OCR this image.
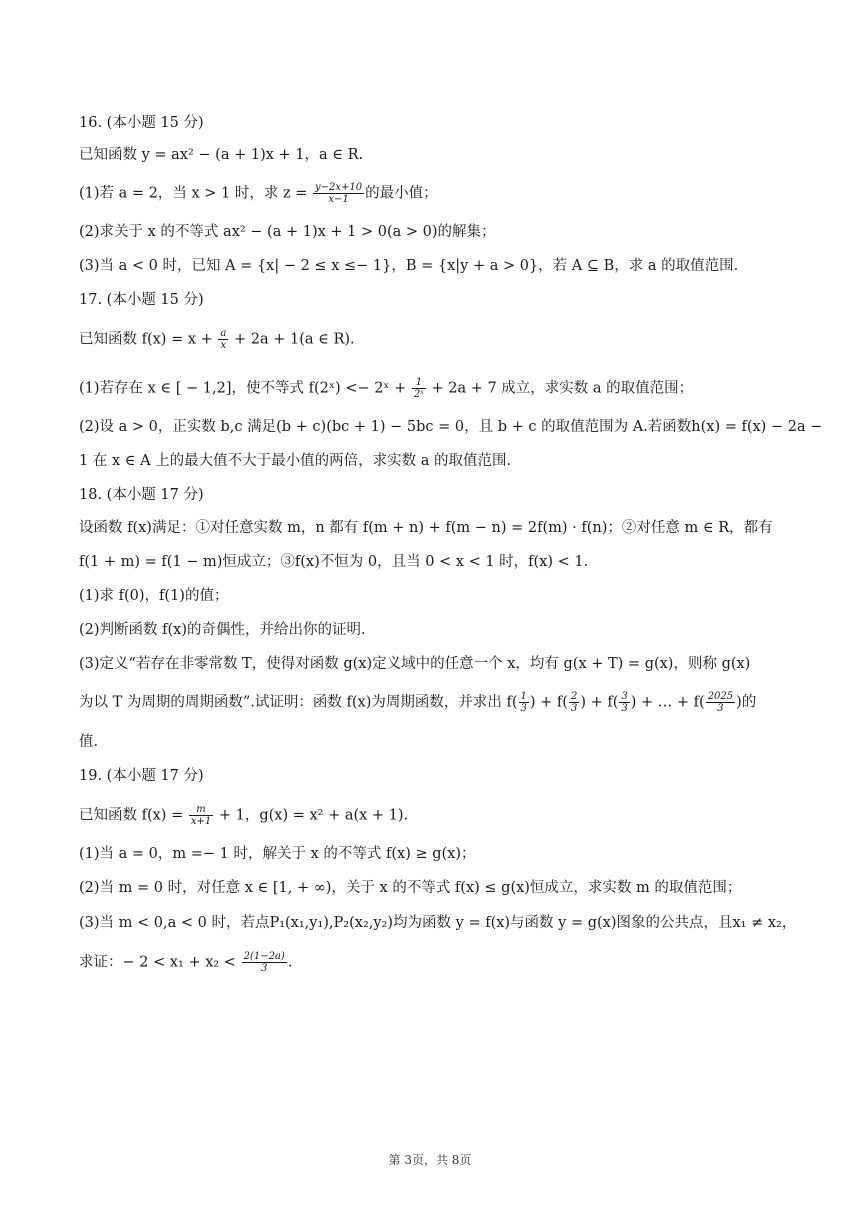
16. (本小题 15 分)
已知函数 y = ax² − (a + 1)x + 1，a ∈ R.
(1)若 a = 2，当 x > 1 时，求 $z = \frac{y-2x+10}{x-1}$ 的最小值；
(2)求关于 x 的不等式 ax² − (a + 1)x + 1 > 0(a > 0)的解集；
(3)当 a < 0 时，已知 A = {x| − 2 ≤ x ≤− 1}，B = {x|y + a > 0}，若 A ⊆ B，求 a 的取值范围.
17. (本小题 15 分)
已知函数 $f(x) = x + \frac{a}{x} + 2a + 1(a$ ∈ R).
(1)若存在 x ∈ [ − 1,2]，使不等式 f(2ˣ) <− 2ˣ + $\frac{1}{\text{2ˣ}} + 2a + 7$ 成立，求实数 a 的取值范围；
(2)设 a > 0，正实数 b,c 满足(b + c)(bc + 1) − 5bc = 0，且 b + c 的取值范围为 A.若函数h(x) = f(x) − 2a −
1 在 x ∈ A 上的最大值不大于最小值的两倍，求实数 a 的取值范围.
18. (本小题 17 分)
设函数 f(x)满足：①对任意实数 m，n 都有 f(m + n) + f(m − n) = 2f(m) · f(n)；②对任意 m ∈ R，都有
f(1 + m) = f(1 − m)恒成立；③f(x)不恒为 0，且当 0 < x < 1 时，f(x) < 1.
(1)求 f(0)，f(1)的值；
(2)判断函数 f(x)的奇偶性，并给出你的证明.
(3)定义“若存在非零常数 T，使得对函数 g(x)定义域中的任意一个 x，均有 g(x + T) = g(x)，则称 g(x)
为以 T 为周期的周期函数”.试证明：函数 f(x)为周期函数，并求出 $f( \frac{1}{3}$ ) + $f( \frac{2}{3}$ ) + $f( \frac{3}{3}$ ) + … + $f( \frac{2025}{3}$ )的
值.
19. (本小题 17 分)
已知函数 $f(x) = \frac{m}{x+1} + 1$，g(x) = x² + a(x + 1).
(1)当 a = 0，m =− 1 时，解关于 x 的不等式 f(x) ≥ g(x)；
(2)当 m = 0 时，对任意 x ∈ [1, + ∞)，关于 x 的不等式 f(x) ≤ g(x)恒成立，求实数 m 的取值范围；
(3)当 m < 0,a < 0 时，若点P₁(x₁,y₁),P₂(x₂,y₂)均为函数 y = f(x)与函数 y = g(x)图象的公共点，且x₁ ≠ x₂，
求证：− $2 < x_1 + x_2 < \frac{2(1-2a)}{3}$ .
第 3页，共 8页
